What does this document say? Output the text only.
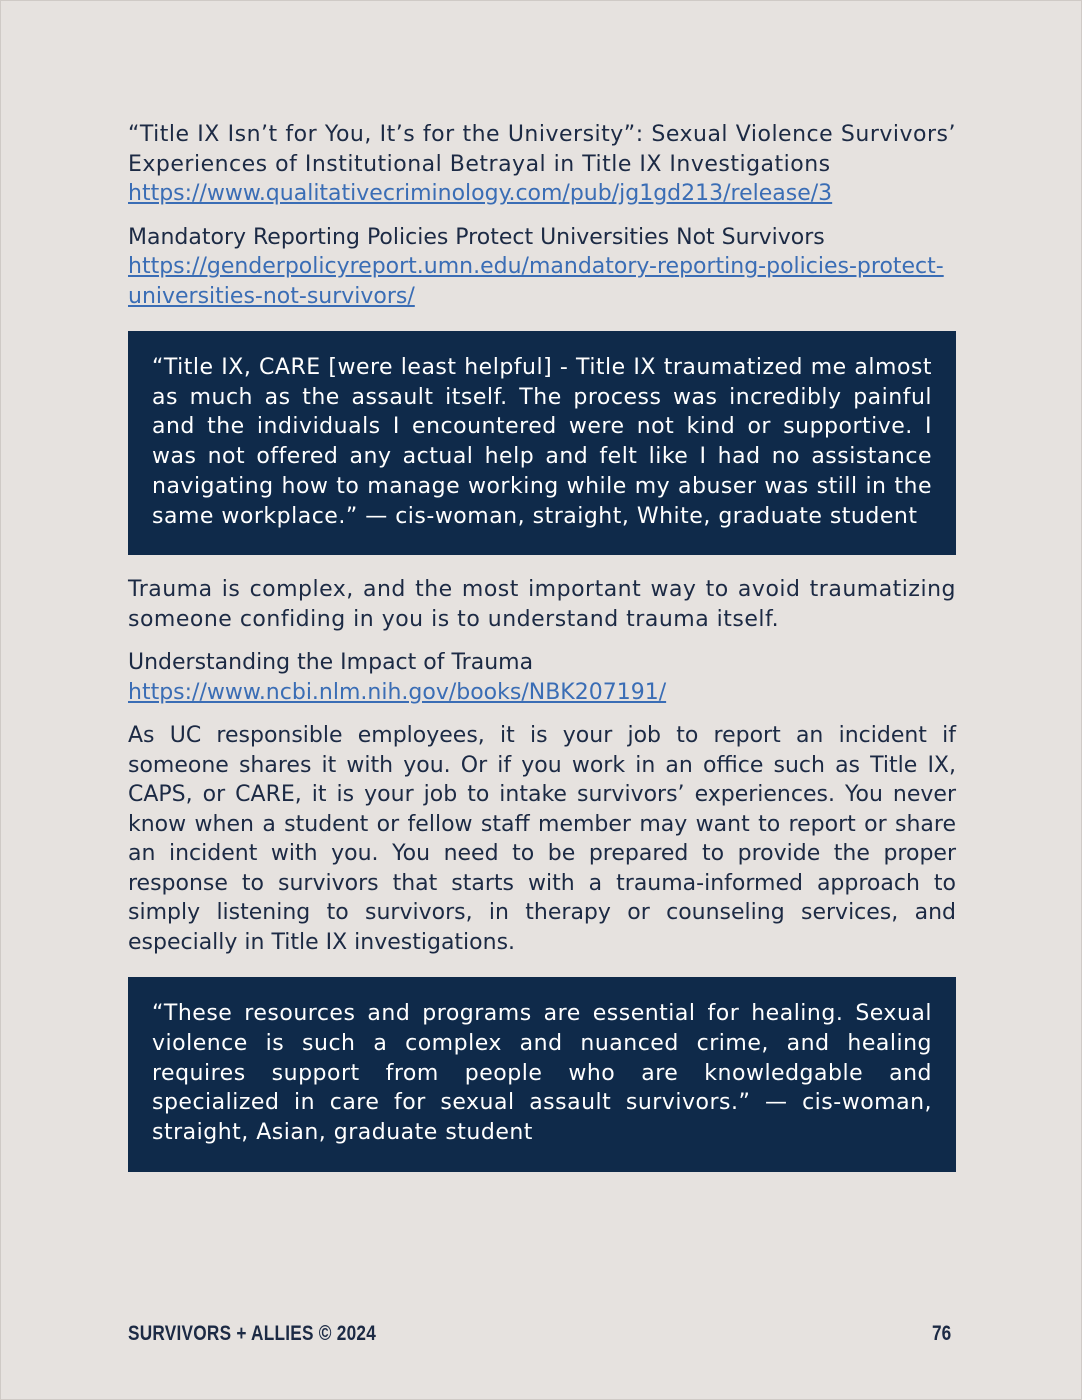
“Title IX Isn’t for You, It’s for the University”: Sexual Violence Survivors’ Experiences of Institutional Betrayal in Title IX Investigations
https://www.qualitativecriminology.com/pub/jg1gd213/release/3
Mandatory Reporting Policies Protect Universities Not Survivors
https://genderpolicyreport.umn.edu/mandatory-reporting-policies-protect-universities-not-survivors/

“Title IX, CARE [were least helpful] - Title IX traumatized me almost as much as the assault itself. The process was incredibly painful and the individuals I encountered were not kind or supportive. I was not offered any actual help and felt like I had no assistance navigating how to manage working while my abuser was still in the same workplace.” — cis-woman, straight, White, graduate student

Trauma is complex, and the most important way to avoid traumatizing someone confiding in you is to understand trauma itself.

Understanding the Impact of Trauma
https://www.ncbi.nlm.nih.gov/books/NBK207191/

As UC responsible employees, it is your job to report an incident if someone shares it with you. Or if you work in an office such as Title IX, CAPS, or CARE, it is your job to intake survivors’ experiences. You never know when a student or fellow staff member may want to report or share an incident with you. You need to be prepared to provide the proper response to survivors that starts with a trauma-informed approach to simply listening to survivors, in therapy or counseling services, and especially in Title IX investigations.

“These resources and programs are essential for healing. Sexual violence is such a complex and nuanced crime, and healing requires support from people who are knowledgable and specialized in care for sexual assault survivors.” — cis-woman, straight, Asian, graduate student

SURVIVORS + ALLIES © 2024	76
